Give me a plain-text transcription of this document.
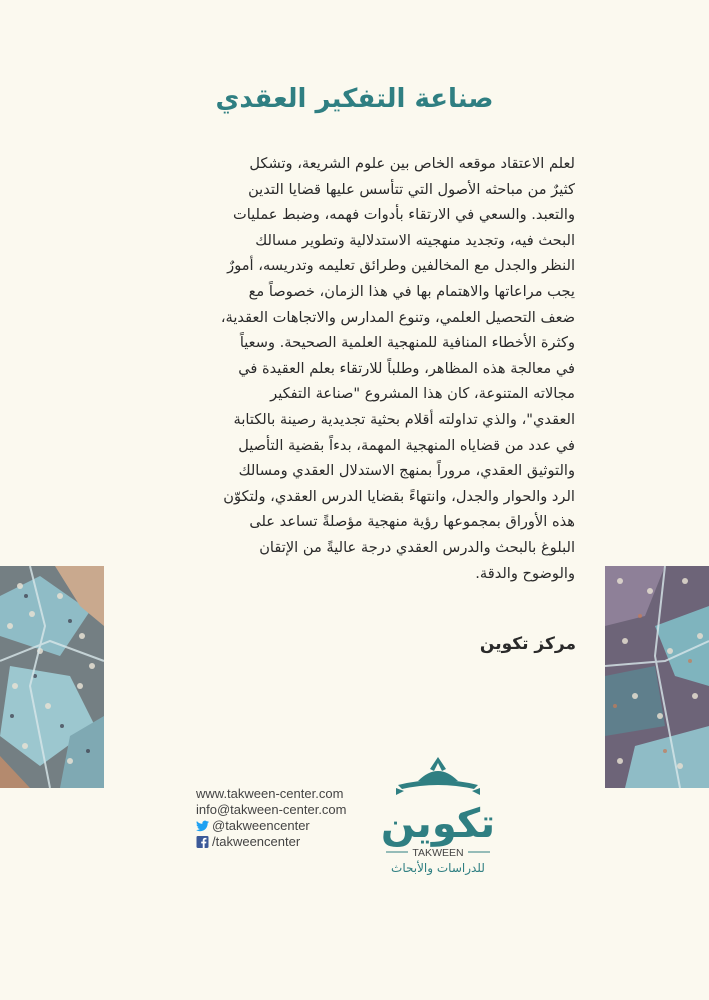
صناعة التفكير العقدي
لعلم الاعتقاد موقعه الخاص بين علوم الشريعة، وتشكل
كثيرٌ من مباحثه الأصول التي تتأسس عليها قضايا التدين
والتعبد. والسعي في الارتقاء بأدوات فهمه، وضبط عمليات
البحث فيه، وتجديد منهجيته الاستدلالية وتطوير مسالك
النظر والجدل مع المخالفين وطرائق تعليمه وتدريسه، أمورٌ
يجب مراعاتها والاهتمام بها في هذا الزمان، خصوصاً مع
ضعف التحصيل العلمي، وتنوع المدارس والاتجاهات العقدية،
وكثرة الأخطاء المنافية للمنهجية العلمية الصحيحة. وسعياً
في معالجة هذه المظاهر، وطلباً للارتقاء بعلم العقيدة في
مجالاته المتنوعة، كان هذا المشروع "صناعة التفكير
العقدي"، والذي تداولته أقلام بحثية تجديدية رصينة بالكتابة
في عدد من قضاياه المنهجية المهمة، بدءاً بقضية التأصيل
والتوثيق العقدي، مروراً بمنهج الاستدلال العقدي ومسالك
الرد والحوار والجدل، وانتهاءً بقضايا الدرس العقدي، ولتكوّن
هذه الأوراق بمجموعها رؤية منهجية مؤصلةً تساعد على
البلوغ بالبحث والدرس العقدي درجة عاليةً من الإتقان
والوضوح والدقة.
مركز تكوين
www.takween-center.com
info@takween-center.com
@takweencenter
/takweencenter تكوين
TAKWEEN
للدراسات والأبحاث
